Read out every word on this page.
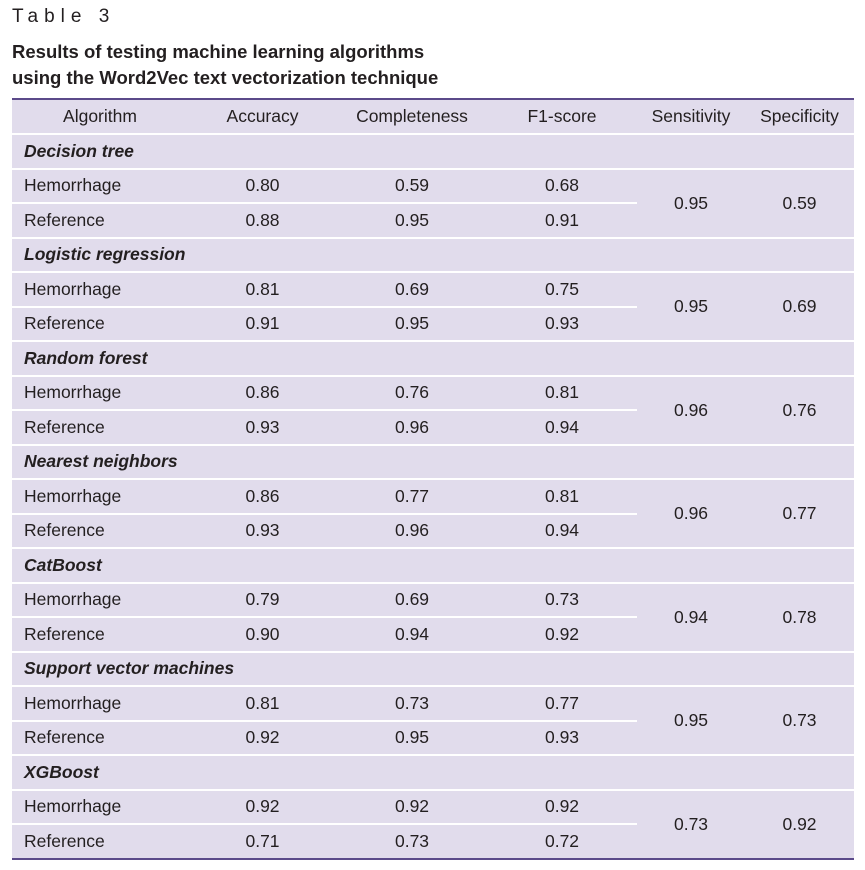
Table 3
Results of testing machine learning algorithms
using the Word2Vec text vectorization technique
Algorithm	Accuracy	Completeness	F1-score	Sensitivity	Specificity
Decision tree					
Hemorrhage	0.80	0.59	0.68	0.95	0.59
Reference	0.88	0.95	0.91		
Logistic regression					
Hemorrhage	0.81	0.69	0.75	0.95	0.69
Reference	0.91	0.95	0.93		
Random forest					
Hemorrhage	0.86	0.76	0.81	0.96	0.76
Reference	0.93	0.96	0.94		
Nearest neighbors					
Hemorrhage	0.86	0.77	0.81	0.96	0.77
Reference	0.93	0.96	0.94		
CatBoost					
Hemorrhage	0.79	0.69	0.73	0.94	0.78
Reference	0.90	0.94	0.92		
Support vector machines					
Hemorrhage	0.81	0.73	0.77	0.95	0.73
Reference	0.92	0.95	0.93		
XGBoost					
Hemorrhage	0.92	0.92	0.92	0.73	0.92
Reference	0.71	0.73	0.72		
